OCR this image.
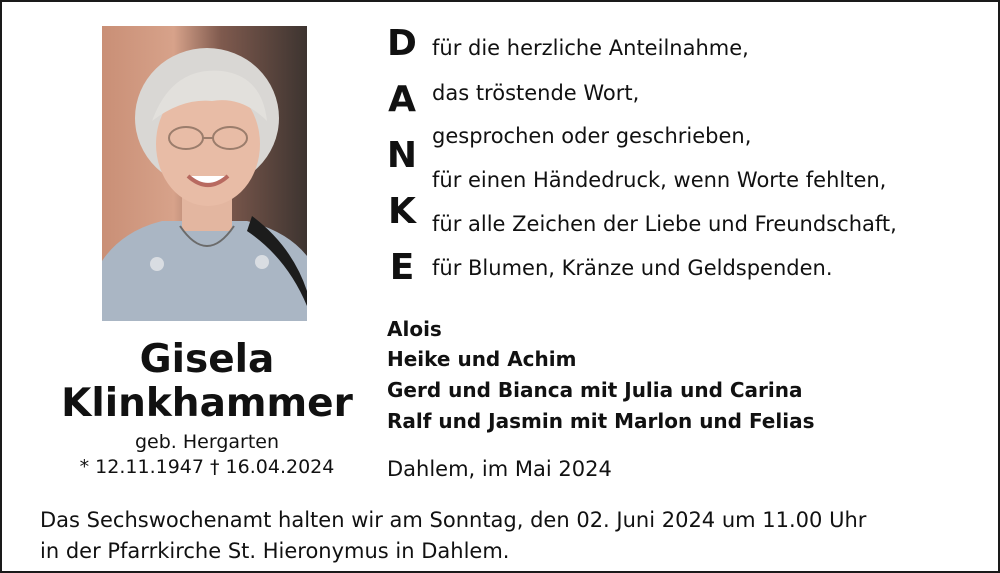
Gisela
Klinkhammer
geb. Hergarten
* 12.11.1947 † 16.04.2024
D
A
N
K
E
für die herzliche Anteilnahme,
das tröstende Wort,
gesprochen oder geschrieben,
für einen Händedruck, wenn Worte fehlten,
für alle Zeichen der Liebe und Freundschaft,
für Blumen, Kränze und Geldspenden.
Alois
Heike und Achim
Gerd und Bianca mit Julia und Carina
Ralf und Jasmin mit Marlon und Felias
Dahlem, im Mai 2024
Das Sechswochenamt halten wir am Sonntag, den 02. Juni 2024 um 11.00 Uhr
in der Pfarrkirche St. Hieronymus in Dahlem.
